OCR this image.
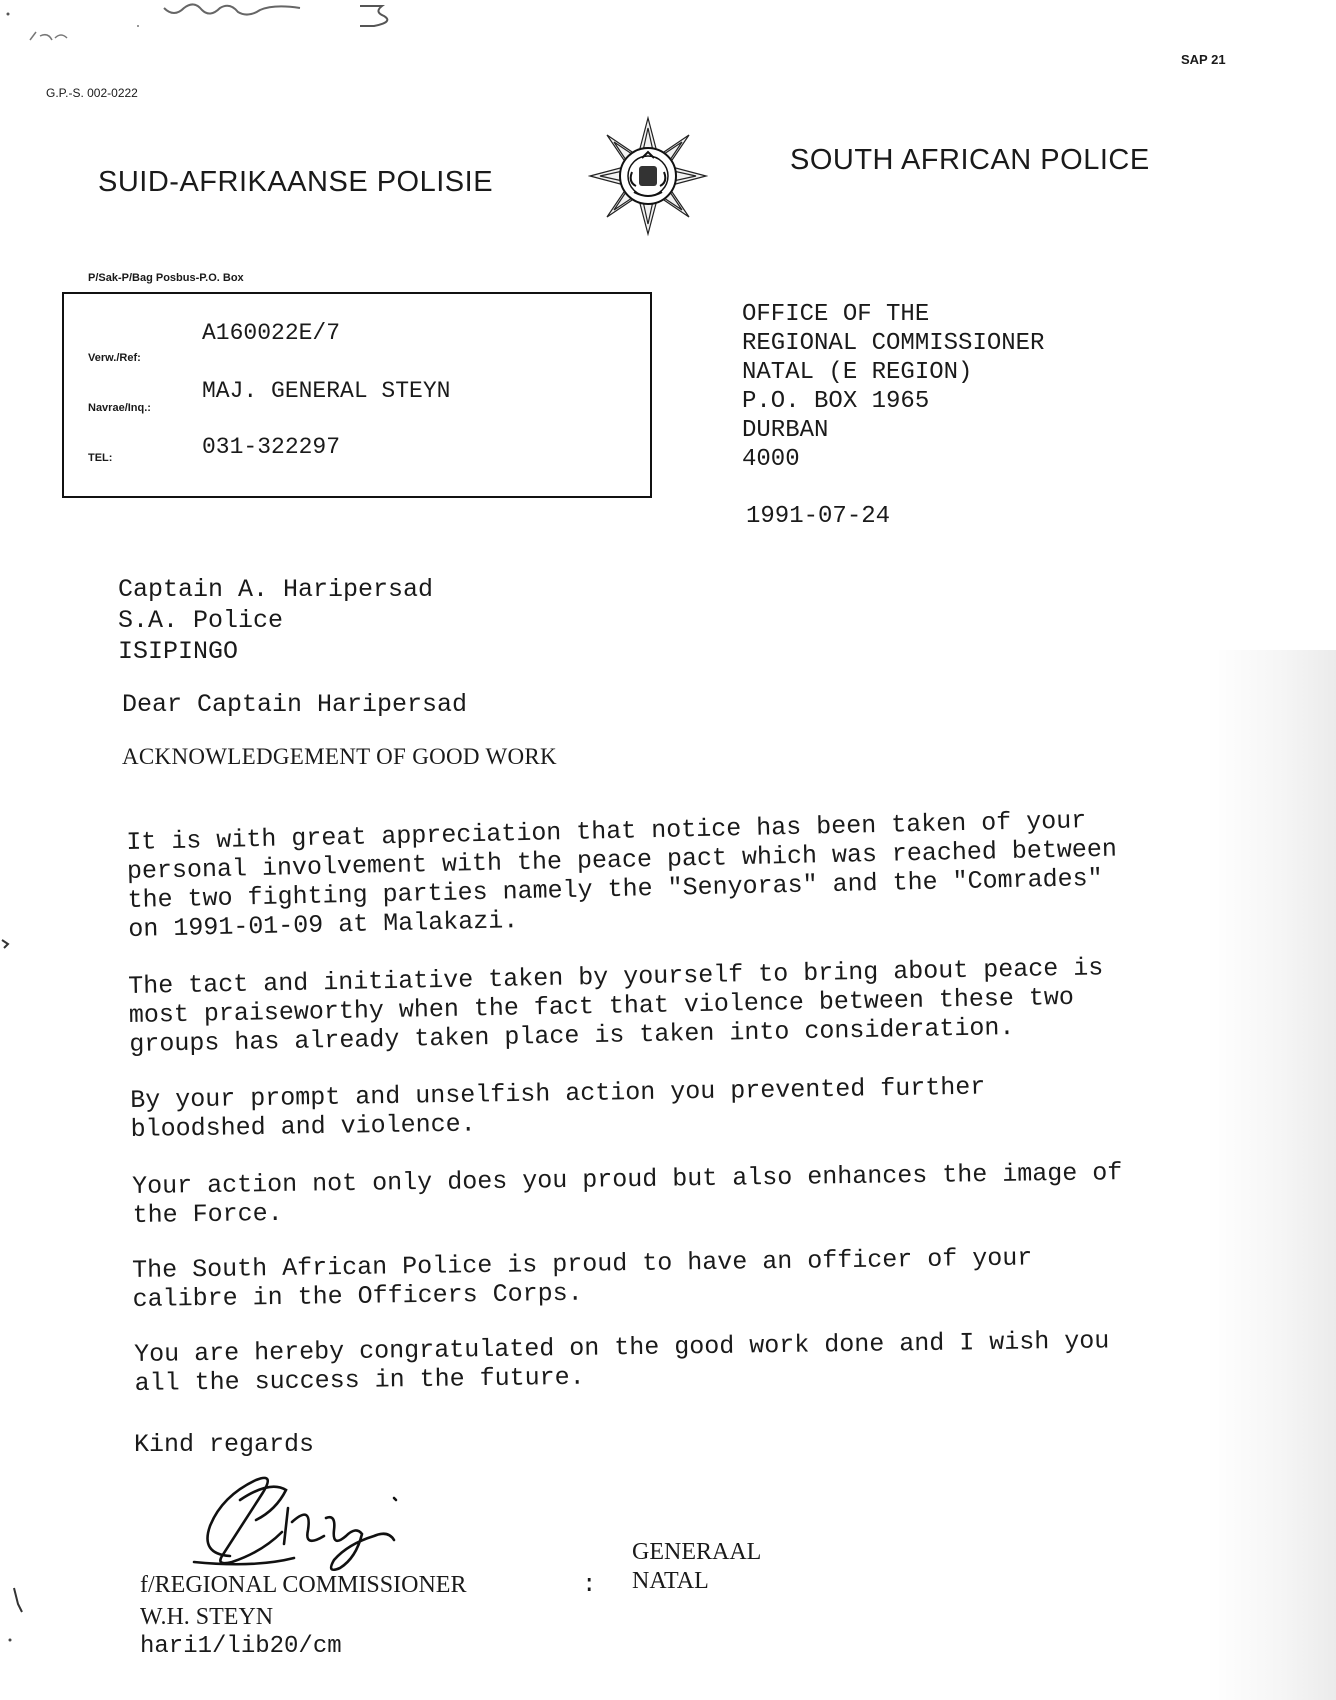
SAP 21
G.P.-S. 002-0222
SUID-AFRIKAANSE POLISIE
SOUTH AFRICAN POLICE
P/Sak-P/Bag Posbus-P.O. Box
Verw./Ref:
A160022E/7
Navrae/Inq.:
MAJ. GENERAL STEYN
TEL:	031-322297
OFFICE OF THE
REGIONAL COMMISSIONER
NATAL (E REGION)
P.O. BOX 1965
DURBAN
4000
1991-07-24
Captain A. Haripersad
S.A. Police
ISIPINGO
Dear Captain Haripersad
ACKNOWLEDGEMENT OF GOOD WORK
It is with great appreciation that notice has been taken of your
personal involvement with the peace pact which was reached between
the two fighting parties namely the "Senyoras" and the "Comrades"
on 1991-01-09 at Malakazi.
The tact and initiative taken by yourself to bring about peace is
most praiseworthy when the fact that violence between these two
groups has already taken place is taken into consideration.
By your prompt and unselfish action you prevented further
bloodshed and violence.
Your action not only does you proud but also enhances the image of
the Force.
The South African Police is proud to have an officer of your
calibre in the Officers Corps.
You are hereby congratulated on the good work done and I wish you
all the success in the future.
Kind regards
GENERAAL
NATAL
f/REGIONAL COMMISSIONER	:
W.H. STEYN
hari1/lib20/cm
